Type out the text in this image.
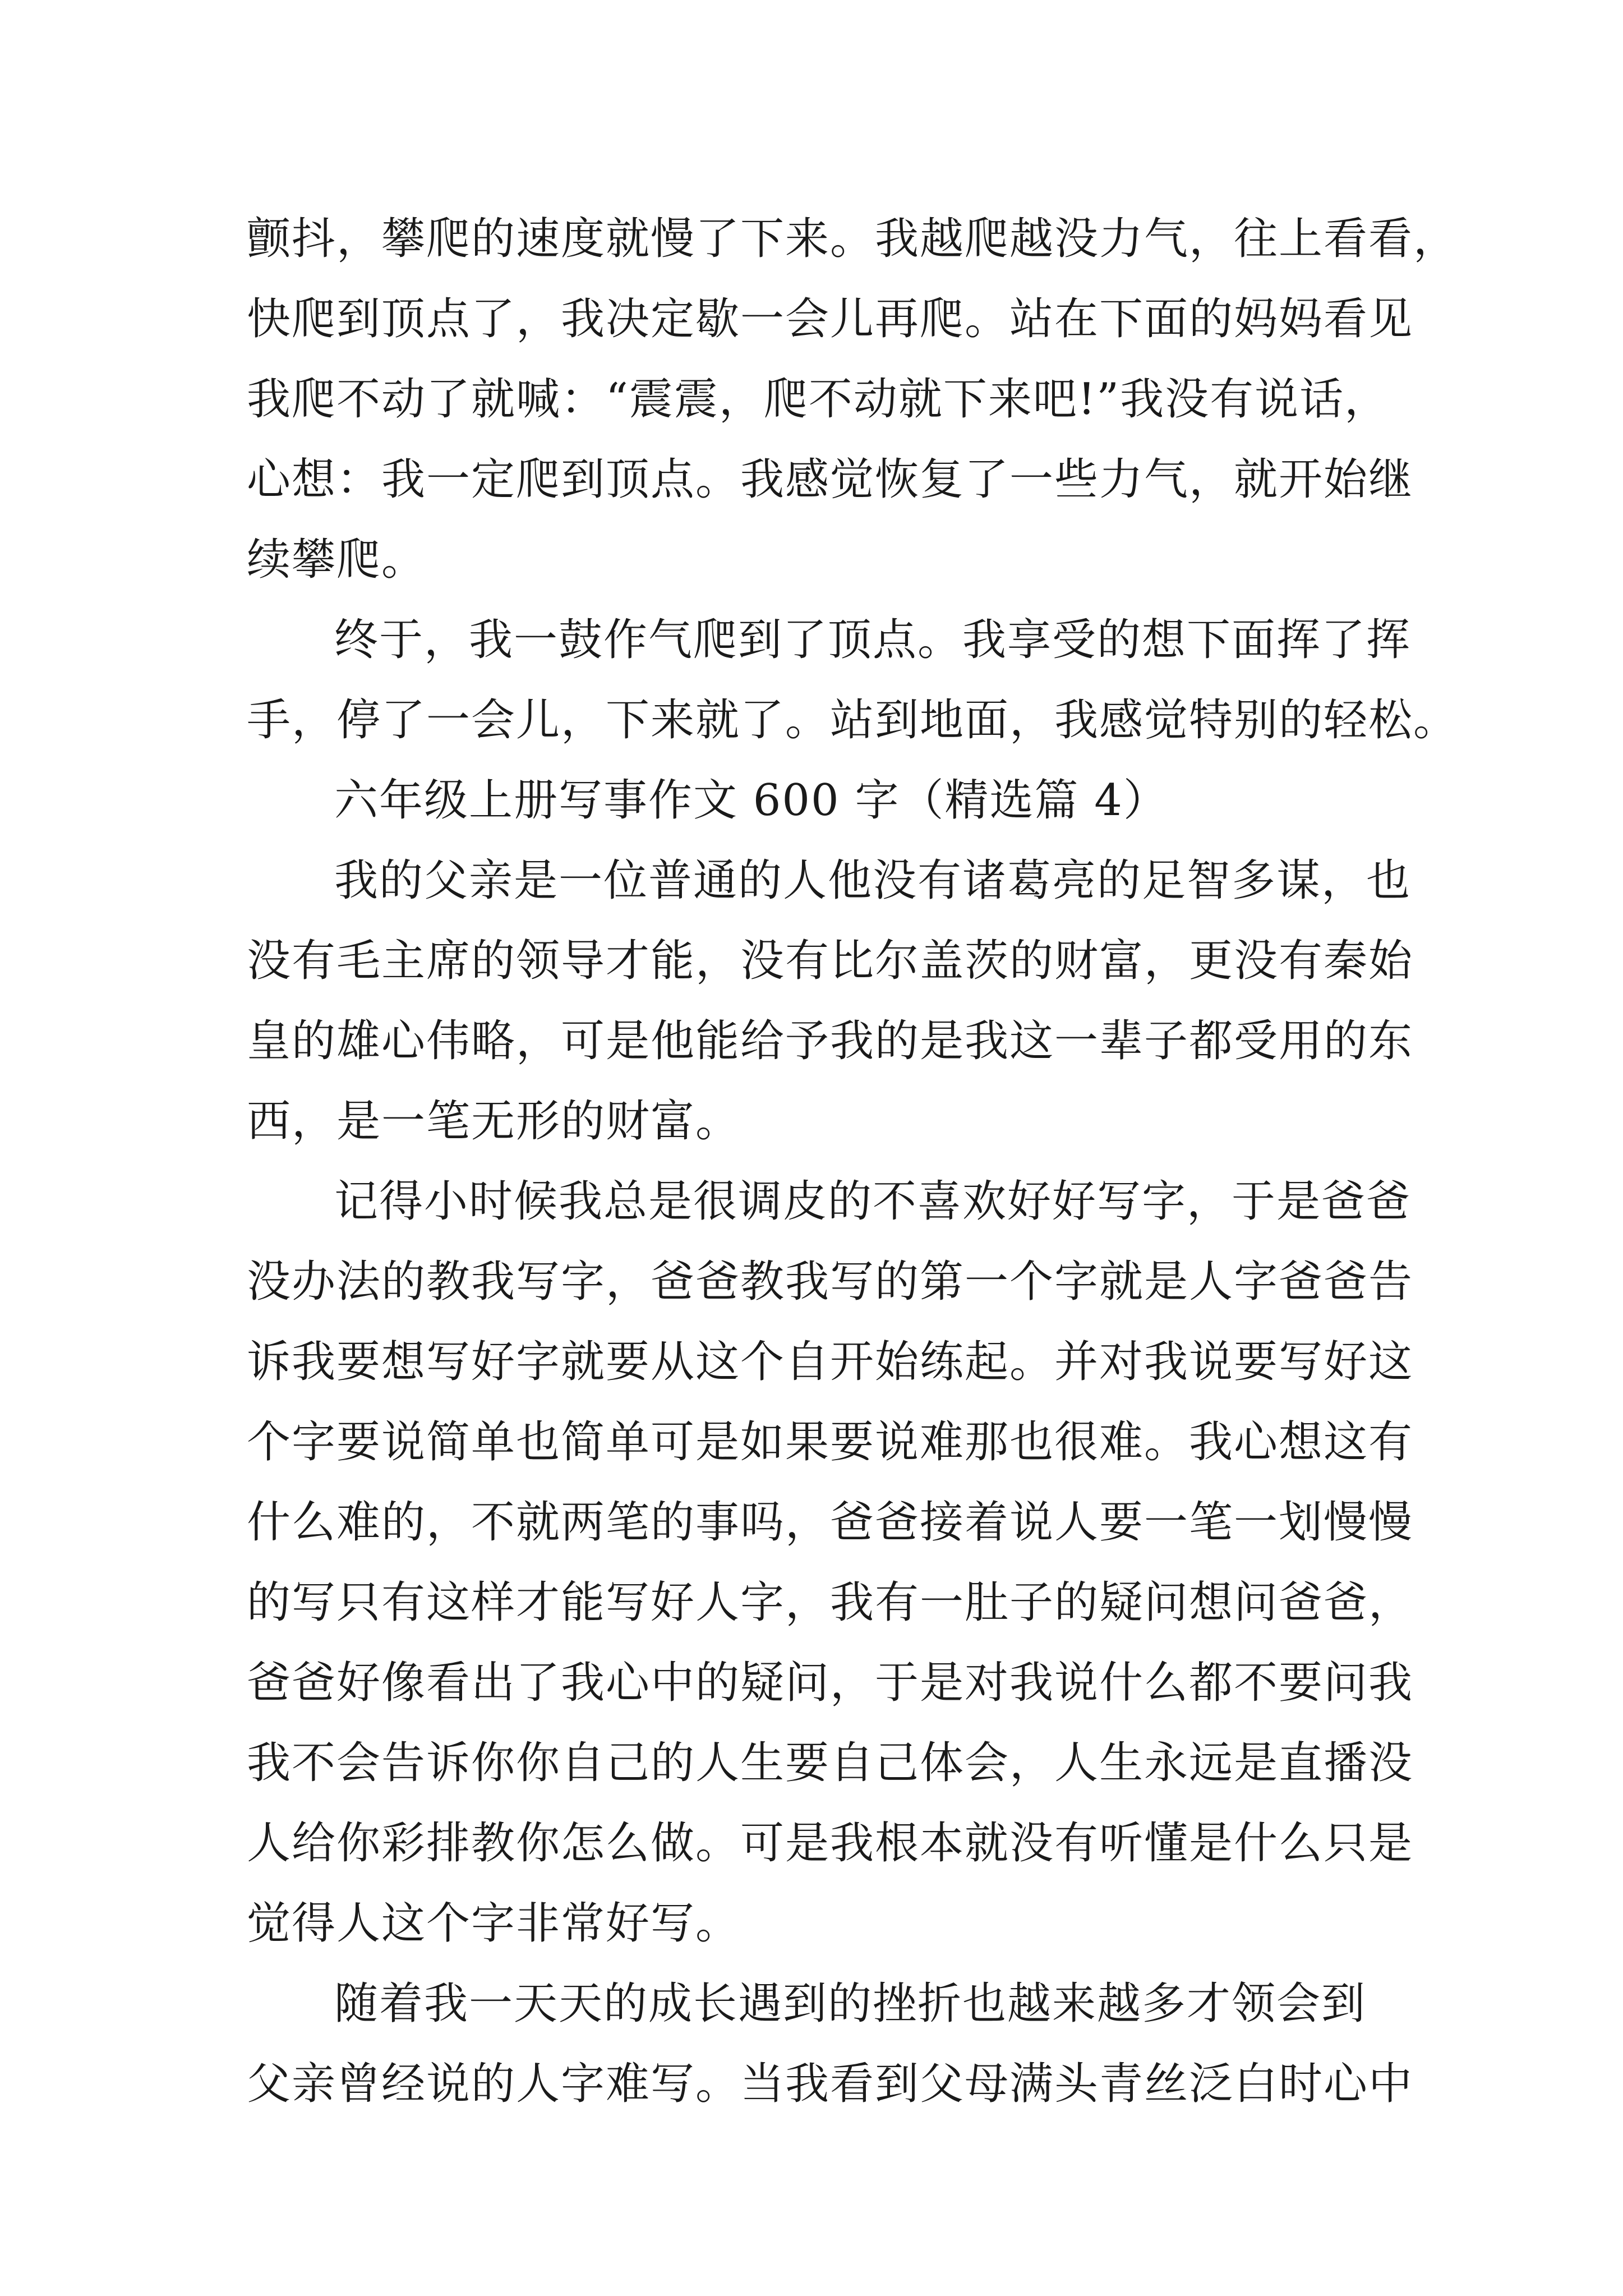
颤抖，攀爬的速度就慢了下来。我越爬越没力气，往上看看，
快爬到顶点了，我决定歇一会儿再爬。站在下面的妈妈看见
我爬不动了就喊：“震震，爬不动就下来吧!”我没有说话，
心想：我一定爬到顶点。我感觉恢复了一些力气，就开始继
续攀爬。
终于，我一鼓作气爬到了顶点。我享受的想下面挥了挥
手，停了一会儿，下来就了。站到地面，我感觉特别的轻松。
六年级上册写事作文 600 字（精选篇 4）
我的父亲是一位普通的人他没有诸葛亮的足智多谋，也
没有毛主席的领导才能，没有比尔盖茨的财富，更没有秦始
皇的雄心伟略，可是他能给予我的是我这一辈子都受用的东
西，是一笔无形的财富。
记得小时候我总是很调皮的不喜欢好好写字，于是爸爸
没办法的教我写字，爸爸教我写的第一个字就是人字爸爸告
诉我要想写好字就要从这个自开始练起。并对我说要写好这
个字要说简单也简单可是如果要说难那也很难。我心想这有
什么难的，不就两笔的事吗，爸爸接着说人要一笔一划慢慢
的写只有这样才能写好人字，我有一肚子的疑问想问爸爸，
爸爸好像看出了我心中的疑问，于是对我说什么都不要问我
我不会告诉你你自己的人生要自己体会，人生永远是直播没
人给你彩排教你怎么做。可是我根本就没有听懂是什么只是
觉得人这个字非常好写。
随着我一天天的成长遇到的挫折也越来越多才领会到
父亲曾经说的人字难写。当我看到父母满头青丝泛白时心中
